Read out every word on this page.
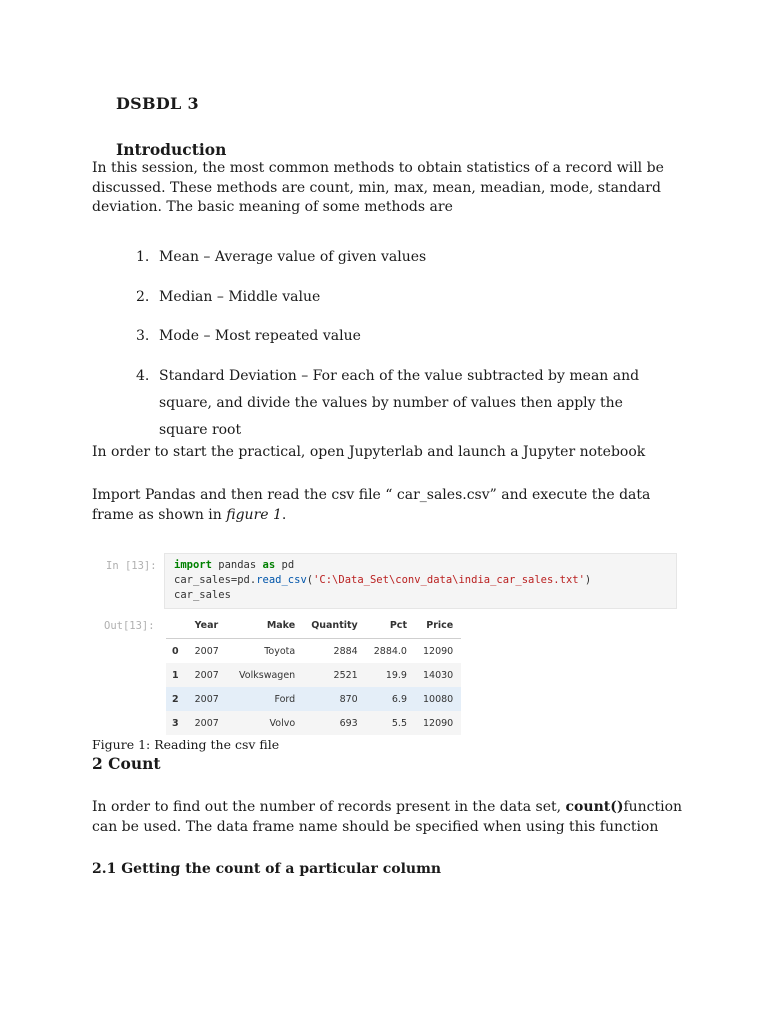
DSBDL 3
Introduction
In this session, the most common methods to obtain statistics of a record will be discussed. These methods are count, min, max, mean, meadian, mode, standard deviation. The basic meaning of some methods are
1. Mean – Average value of given values
2. Median – Middle value
3. Mode – Most repeated value
4. Standard Deviation – For each of the value subtracted by mean and square, and divide the values by number of values then apply the square root
In order to start the practical, open Jupyterlab and launch a Jupyter notebook
Import Pandas and then read the csv file “ car_sales.csv” and execute the data frame as shown in figure 1.
In [13]: import pandas as pd
car_sales=pd.read_csv('C:\Data_Set\conv_data\india_car_sales.txt')
car_sales
Out[13]:
		Year	Make	Quantity	Pct	Price
0	2007	Toyota	2884	2884.0	12090
1	2007	Volkswagen	2521	19.9	14030
2	2007	Ford	870	6.9	10080
3	2007	Volvo	693	5.5	12090
Figure 1: Reading the csv file
2 Count
In order to find out the number of records present in the data set, count()function can be used. The data frame name should be specified when using this function
2.1 Getting the count of a particular column
